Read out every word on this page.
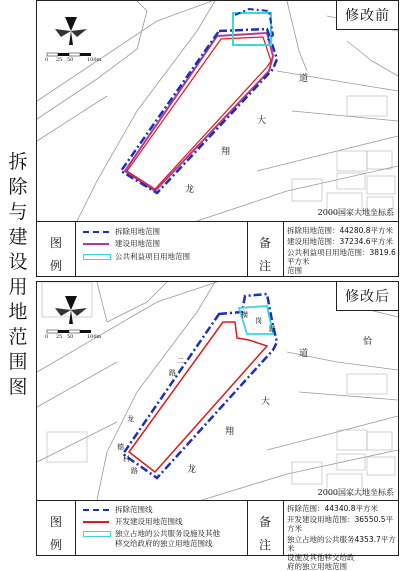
拆
除
与
建
设
用
地
范
围
图
0 25 50	100m
道
大
翔
龙
修改前
2000国家大地坐标系
图
例
拆除用地范围
建设用地范围
公共利益项目用地范围
备
注
拆除用地范围：44280.8平方米
建设用地范围：37234.6平方米
公共利益项目用地范围：3819.6平方米
范围
0 25 50	100m
道
大
翔
龙
恰
横
岗
路
二
路
龙
德
科
路
修改后
2000国家大地坐标系
图
例
拆除范围线
开发建设用地范围线
独立占地的公共服务设施及其他
移交给政府的独立用地范围线
备
注
拆除范围：44340.8平方米
开发建设用地范围：36550.5平方米
独立占地的公共服务4353.7平方米
设施及其他移交给政
府的独立用地范围
